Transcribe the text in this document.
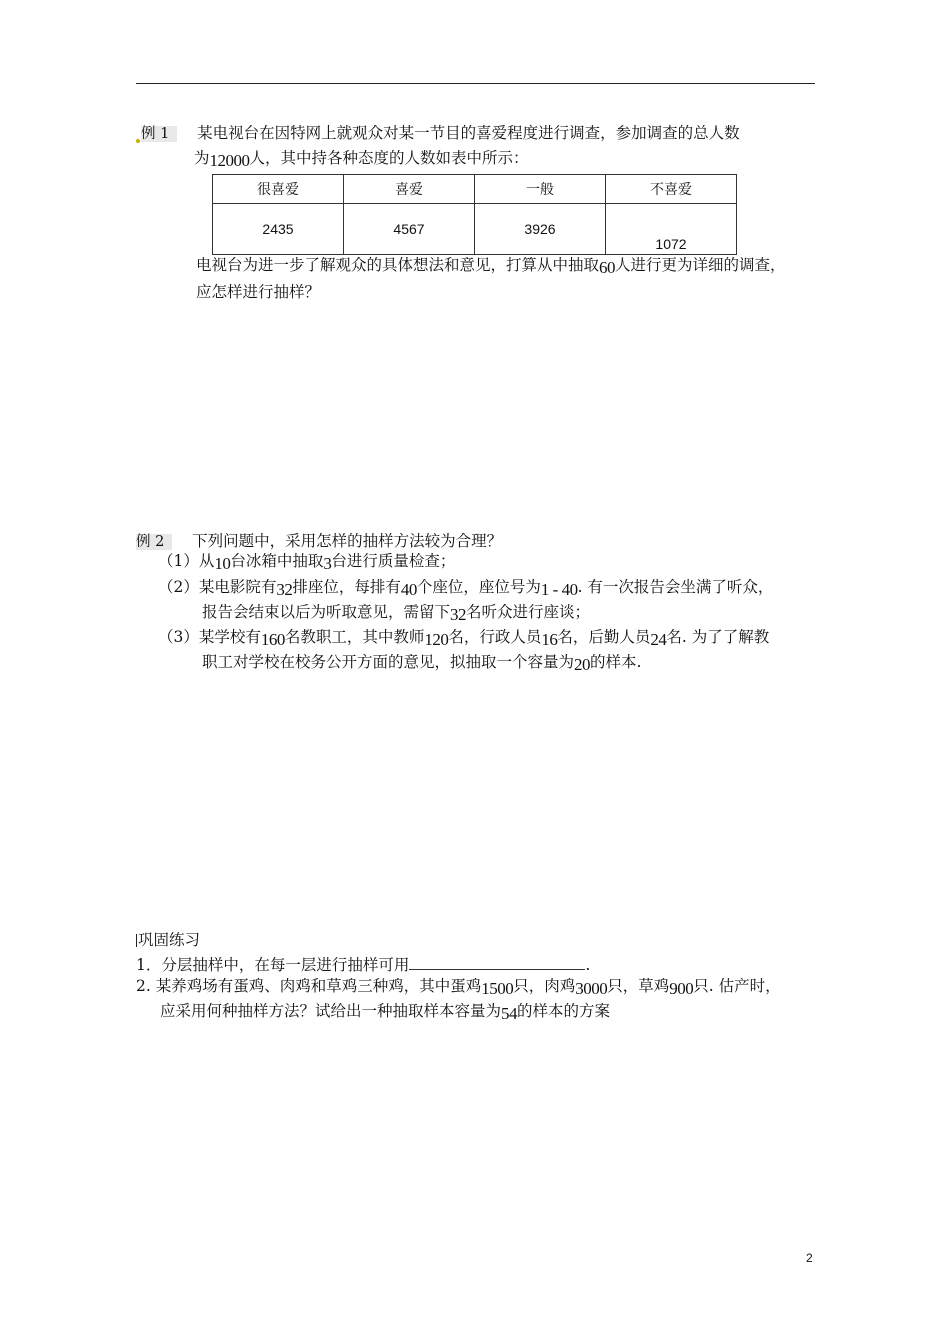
例 1 某电视台在因特网上就观众对某一节目的喜爱程度进行调查，参加调查的总人数
为12000人，其中持各种态度的人数如表中所示：
很喜爱	喜爱	一般	不喜爱
2435	4567	3926	1072
电视台为进一步了解观众的具体想法和意见，打算从中抽取60人进行更为详细的调查，
应怎样进行抽样？
例 2 下列问题中，采用怎样的抽样方法较为合理？
（1）从10台冰箱中抽取3台进行质量检查；
（2）某电影院有32排座位，每排有40个座位，座位号为1 - 40. 有一次报告会坐满了听众，
报告会结束以后为听取意见，需留下32名听众进行座谈；
（3）某学校有160名教职工，其中教师120名，行政人员16名，后勤人员24名. 为了了解教
职工对学校在校务公开方面的意见，拟抽取一个容量为20的样本.
巩固练习
1．分层抽样中，在每一层进行抽样可用	.
2. 某养鸡场有蛋鸡、肉鸡和草鸡三种鸡，其中蛋鸡1500只，肉鸡3000只，草鸡900只. 估产时，
应采用何种抽样方法？试给出一种抽取样本容量为54的样本的方案
2
